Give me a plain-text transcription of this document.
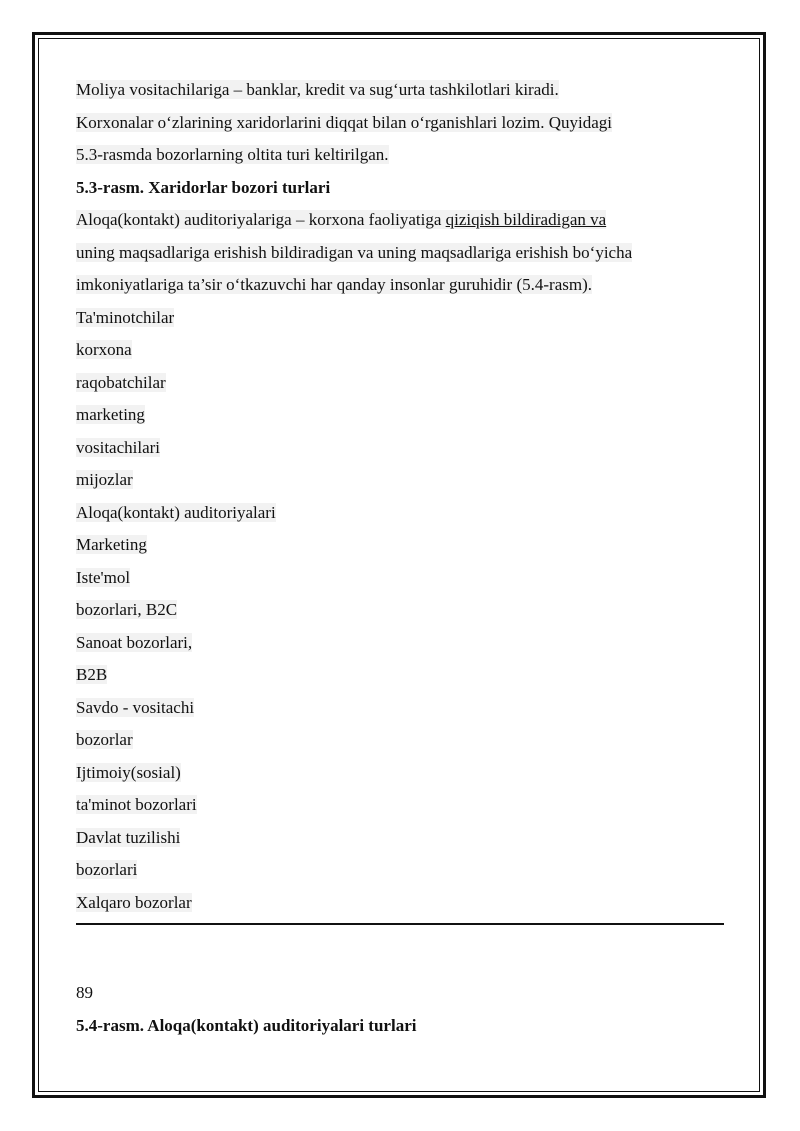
Moliya vositachilariga – banklar, kredit va sug‘urta tashkilotlari kiradi.
Korxonalar o‘zlarining xaridorlarini diqqat bilan o‘rganishlari lozim. Quyidagi
5.3-rasmda bozorlarning oltita turi keltirilgan.
5.3-rasm. Xaridorlar bozori turlari
Aloqa(kontakt) auditoriyalariga – korxona faoliyatiga qiziqish bildiradigan va
uning maqsadlariga erishish bildiradigan va uning maqsadlariga erishish bo‘yicha
imkoniyatlariga ta’sir o‘tkazuvchi har qanday insonlar guruhidir (5.4-rasm).
Ta'minotchilar
korxona
raqobatchilar
marketing
vositachilari
mijozlar
Aloqa(kontakt) auditoriyalari
Marketing
Iste'mol
bozorlari, B2C
Sanoat bozorlari,
B2B
Savdo - vositachi
bozorlar
Ijtimoiy(sosial)
ta'minot bozorlari
Davlat tuzilishi
bozorlari
Xalqaro bozorlar
89
5.4-rasm. Aloqa(kontakt) auditoriyalari turlari
